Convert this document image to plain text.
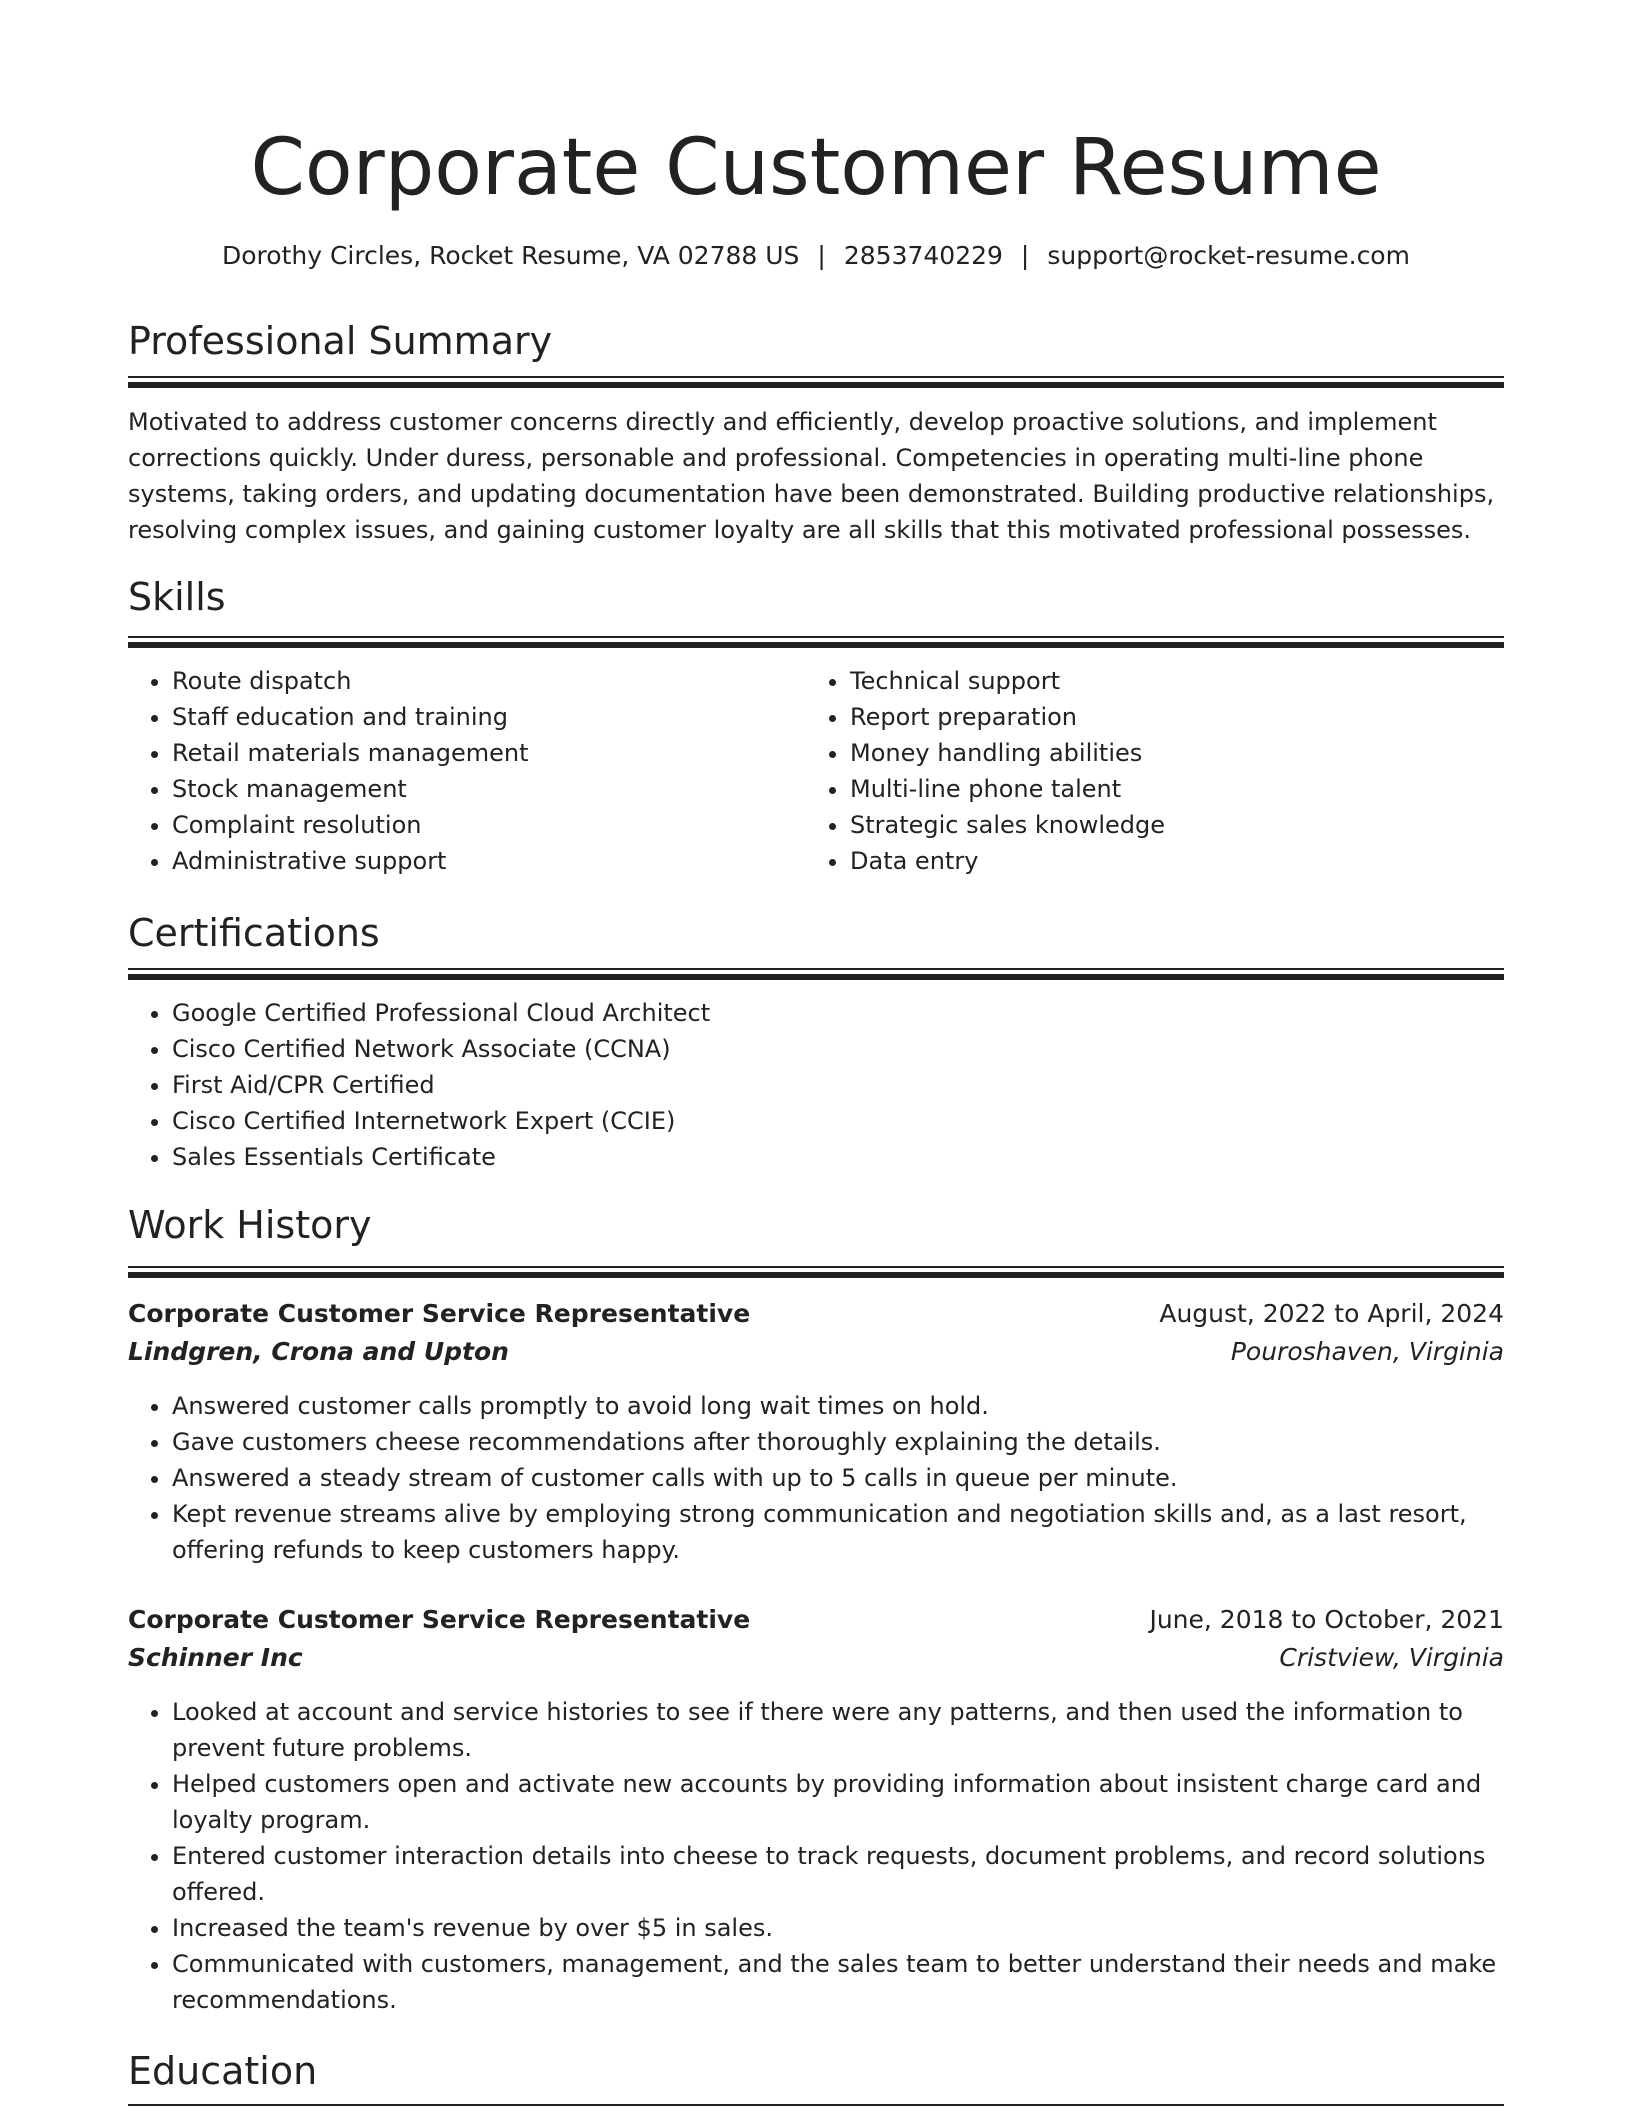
Corporate Customer Resume
Dorothy Circles, Rocket Resume, VA 02788 US | 2853740229 | support@rocket-resume.com
Professional Summary

Motivated to address customer concerns directly and efficiently, develop proactive solutions, and implement corrections quickly. Under duress, personable and professional. Competencies in operating multi-line phone systems, taking orders, and updating documentation have been demonstrated. Building productive relationships, resolving complex issues, and gaining customer loyalty are all skills that this motivated professional possesses.

Skills
• Route dispatch
• Staff education and training
• Retail materials management
• Stock management
• Complaint resolution
• Administrative support
• Technical support
• Report preparation
• Money handling abilities
• Multi-line phone talent
• Strategic sales knowledge
• Data entry
Certifications
• Google Certified Professional Cloud Architect
• Cisco Certified Network Associate (CCNA)
• First Aid/CPR Certified
• Cisco Certified Internetwork Expert (CCIE)
• Sales Essentials Certificate
Work History
Corporate Customer Service Representative	August, 2022 to April, 2024
Lindgren, Crona and Upton	Pouroshaven, Virginia
• Answered customer calls promptly to avoid long wait times on hold.
• Gave customers cheese recommendations after thoroughly explaining the details.
• Answered a steady stream of customer calls with up to 5 calls in queue per minute.
• Kept revenue streams alive by employing strong communication and negotiation skills and, as a last resort, offering refunds to keep customers happy.
Corporate Customer Service Representative	June, 2018 to October, 2021
Schinner Inc	Cristview, Virginia
• Looked at account and service histories to see if there were any patterns, and then used the information to prevent future problems.
• Helped customers open and activate new accounts by providing information about insistent charge card and loyalty program.
• Entered customer interaction details into cheese to track requests, document problems, and record solutions offered.
• Increased the team's revenue by over $5 in sales.
• Communicated with customers, management, and the sales team to better understand their needs and make recommendations.
Education
